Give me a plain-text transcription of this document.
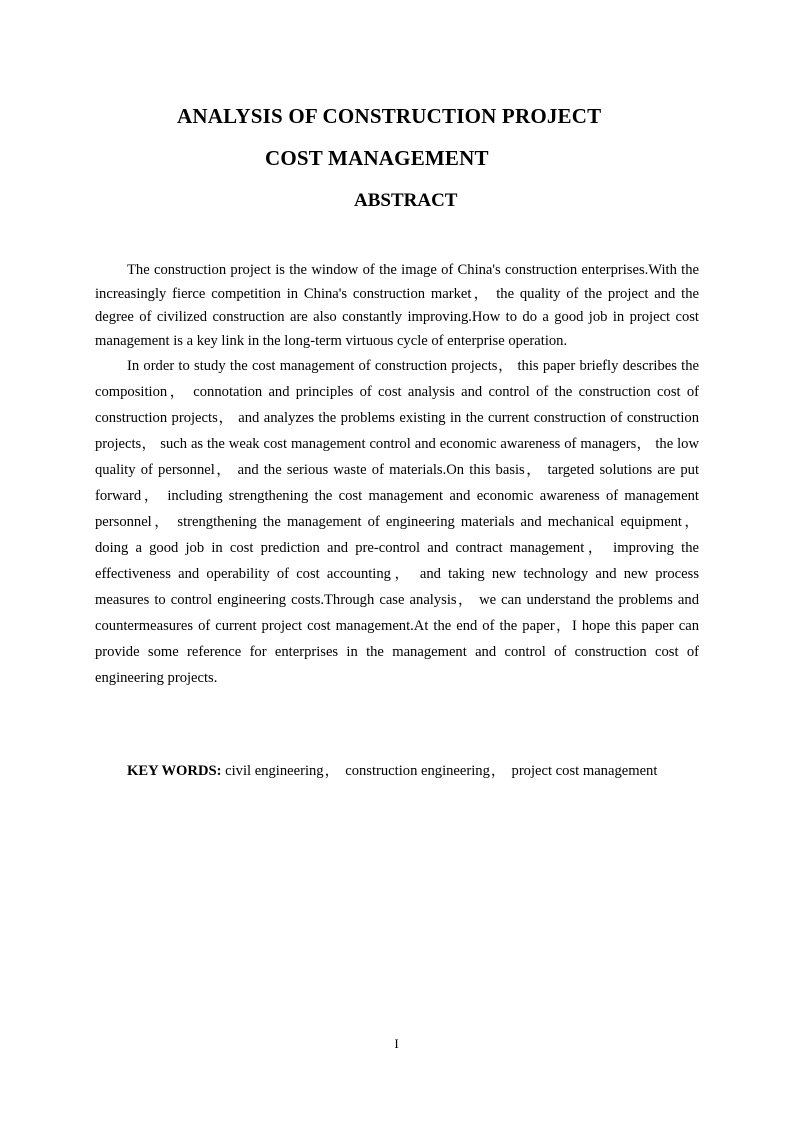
ANALYSIS OF CONSTRUCTION PROJECT
COST MANAGEMENT
ABSTRACT

The construction project is the window of the image of China's construction enterprises.With the increasingly fierce competition in China's construction market， the quality of the project and the degree of civilized construction are also constantly improving.How to do a good job in project cost management is a key link in the long-term virtuous cycle of enterprise operation.

In order to study the cost management of construction projects， this paper briefly describes the composition， connotation and principles of cost analysis and control of the construction cost of construction projects， and analyzes the problems existing in the current construction of construction projects， such as the weak cost management control and economic awareness of managers， the low quality of personnel， and the serious waste of materials.On this basis， targeted solutions are put forward， including strengthening the cost management and economic awareness of management personnel， strengthening the management of engineering materials and mechanical equipment， doing a good job in cost prediction and pre-control and contract management， improving the effectiveness and operability of cost accounting， and taking new technology and new process measures to control engineering costs.Through case analysis， we can understand the problems and countermeasures of current project cost management.At the end of the paper，I hope this paper can provide some reference for enterprises in the management and control of construction cost of engineering projects.

KEY WORDS: civil engineering， construction engineering， project cost management
I
